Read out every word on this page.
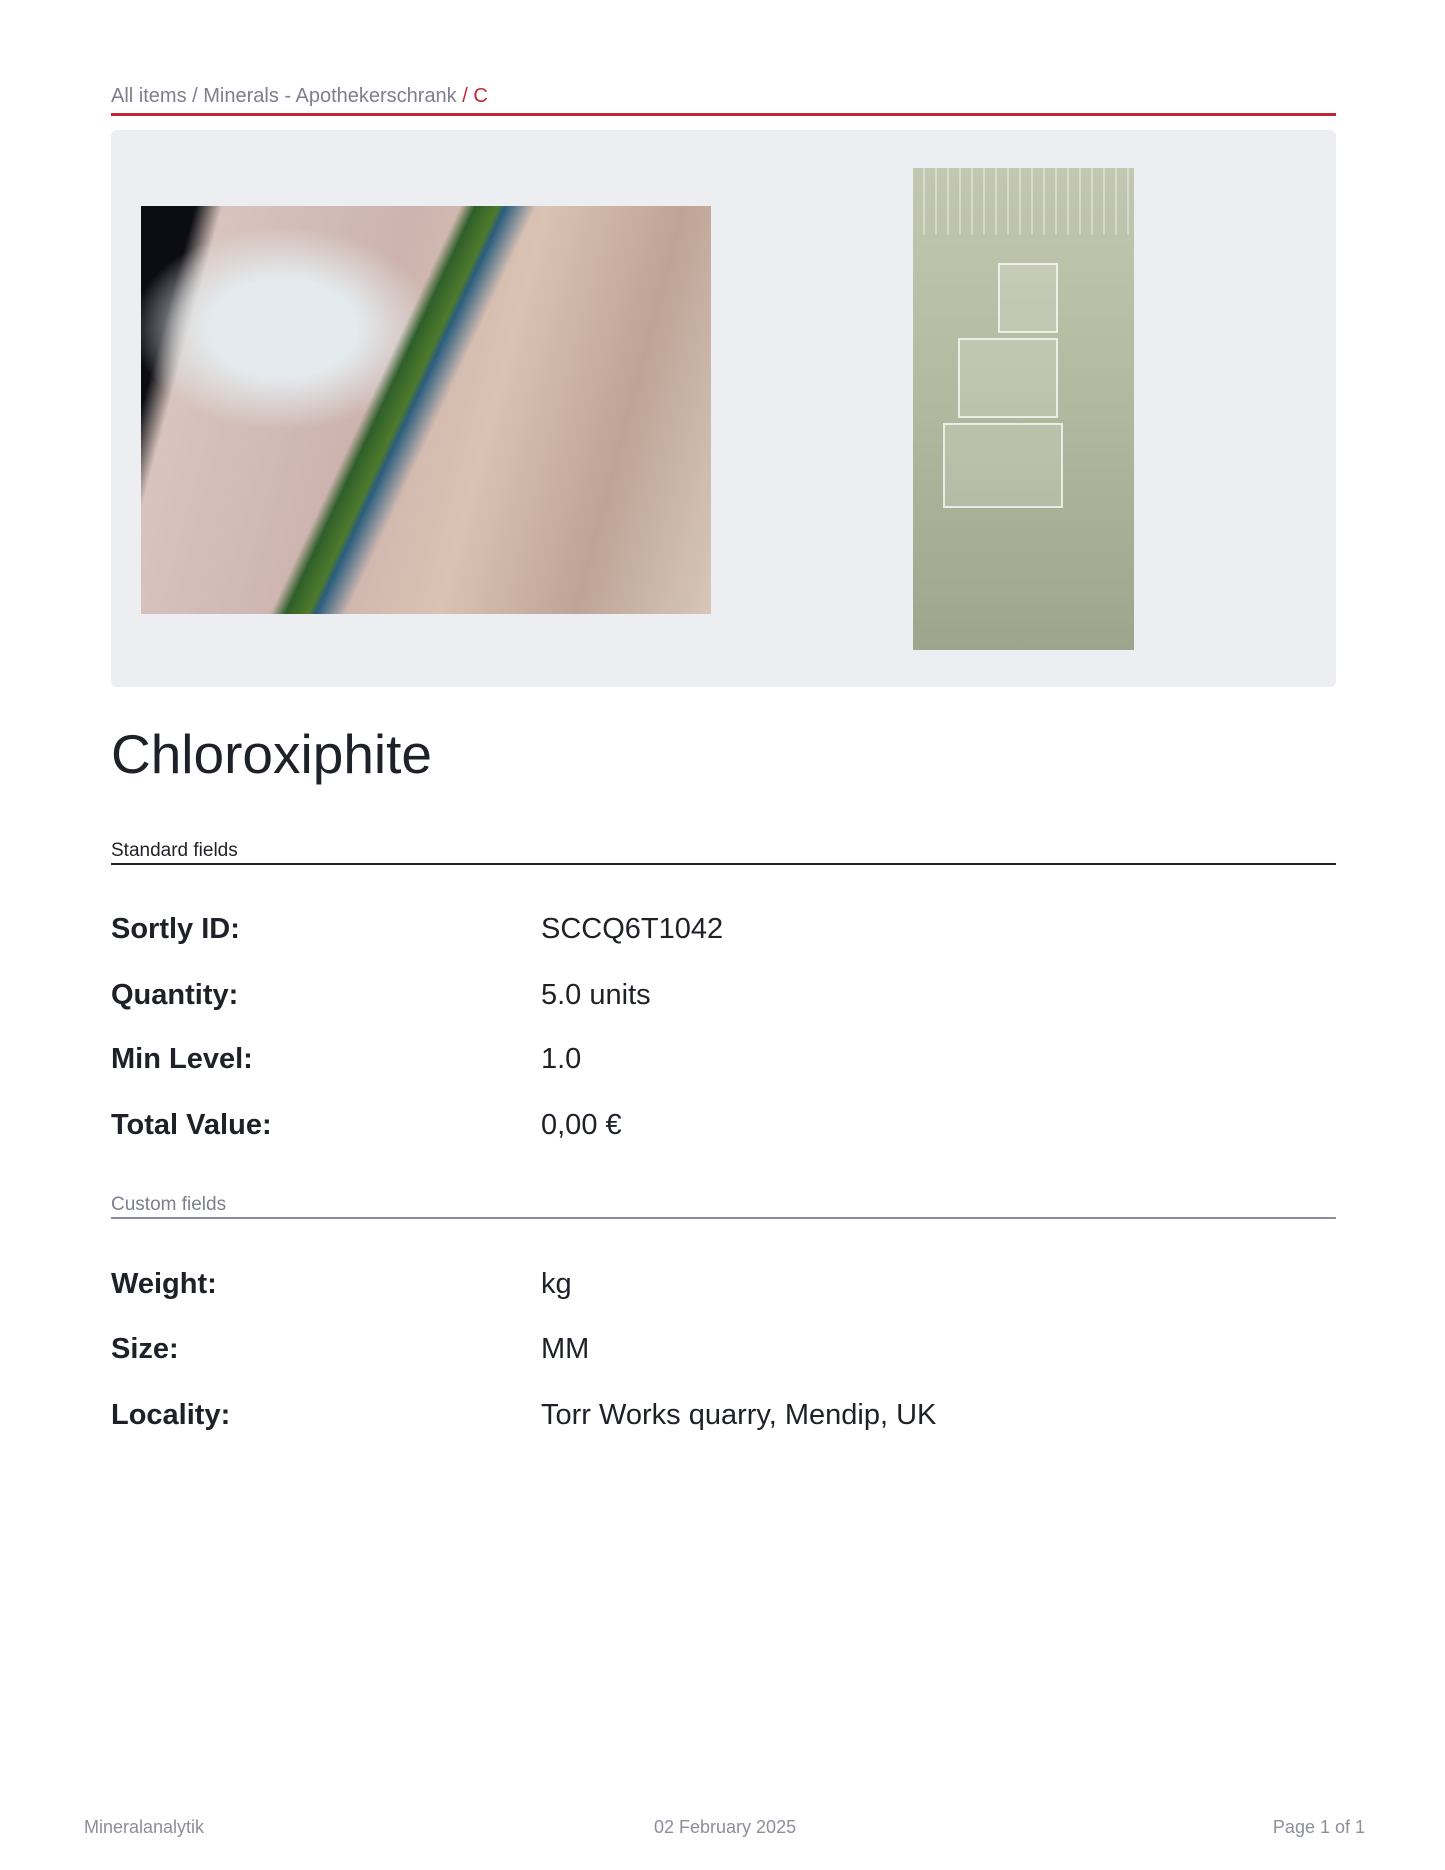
All items / Minerals - Apothekerschrank / C
Chloroxiphite
Standard fields
Sortly ID:	SCCQ6T1042
Quantity:	5.0 units
Min Level:	1.0
Total Value:	0,00 €
Custom fields
Weight:	kg
Size:	MM
Locality:	Torr Works quarry, Mendip, UK
Mineralanalytik	02 February 2025	Page 1 of 1
